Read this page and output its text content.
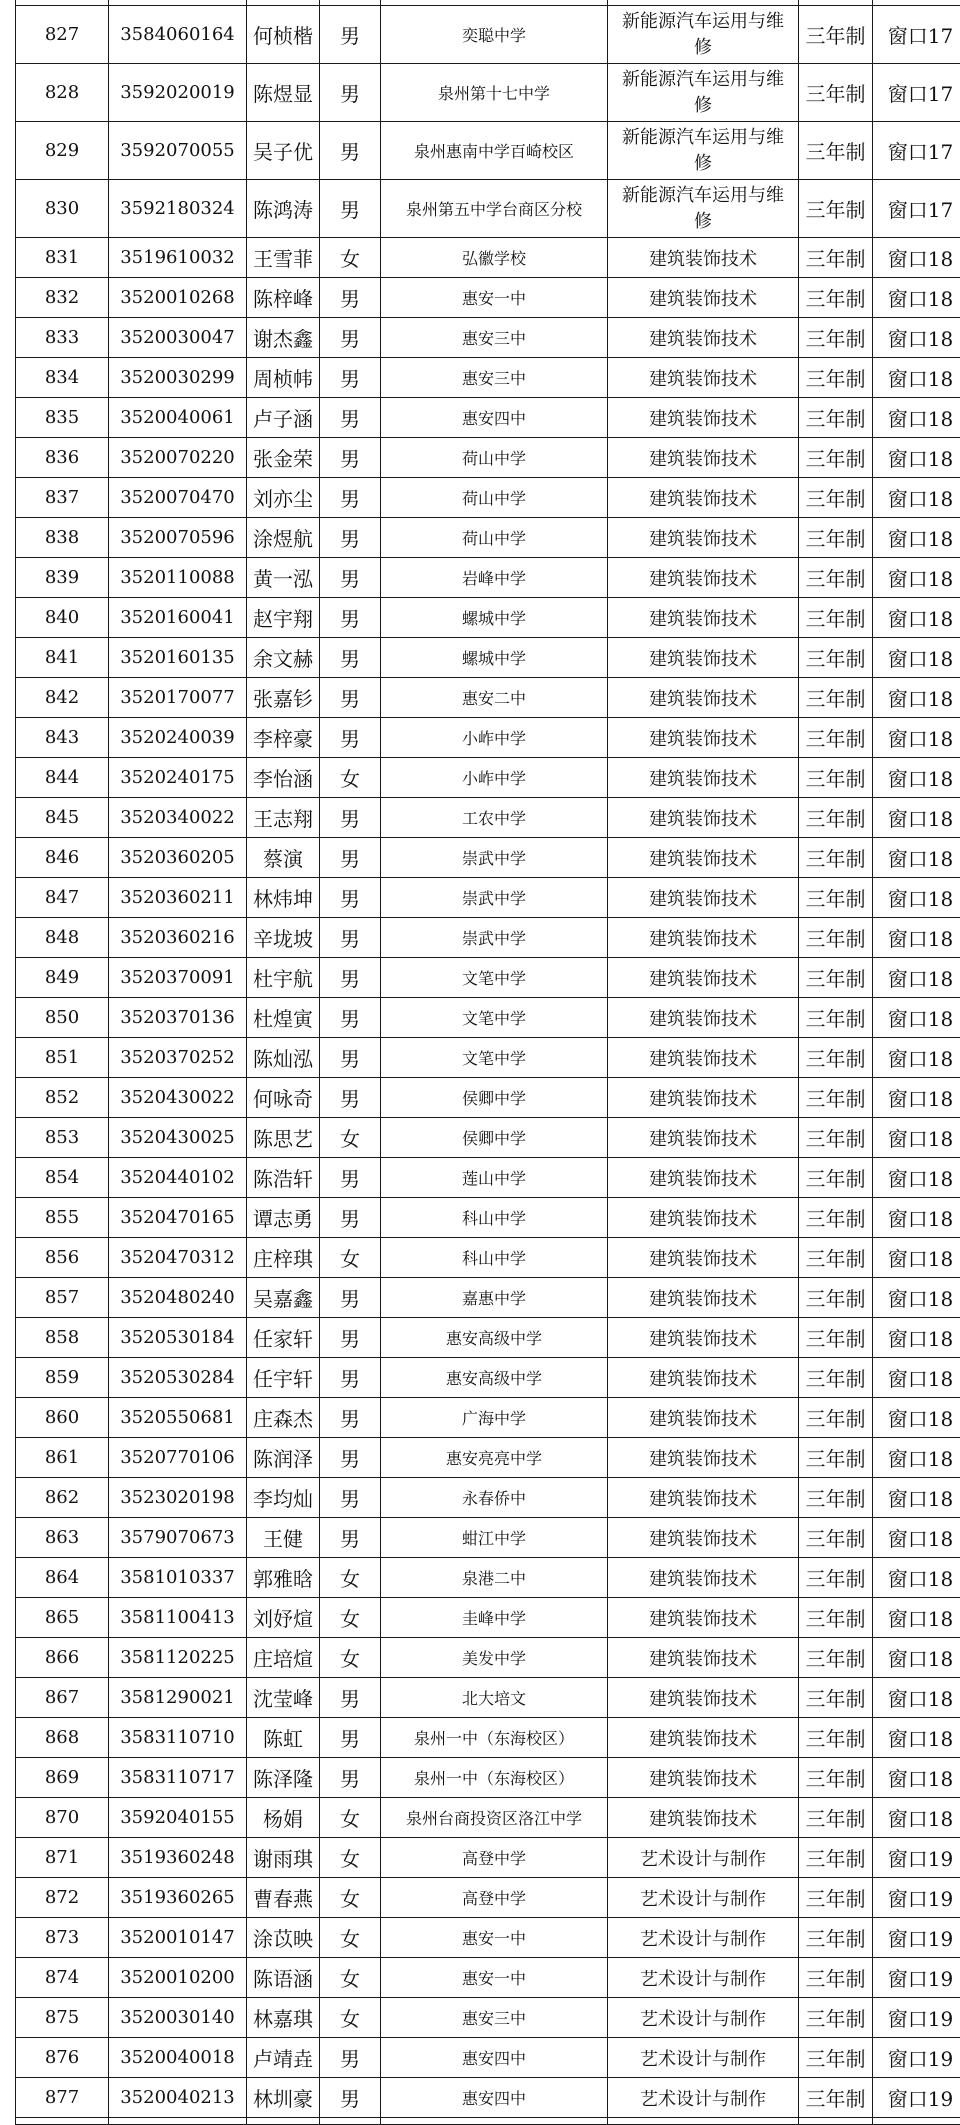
827	3584060164	何桢楷	男	奕聪中学	新能源汽车运用与维修	三年制	窗口17
828	3592020019	陈煜显	男	泉州第十七中学	新能源汽车运用与维修	三年制	窗口17
829	3592070055	吴子优	男	泉州惠南中学百崎校区	新能源汽车运用与维修	三年制	窗口17
830	3592180324	陈鸿涛	男	泉州第五中学台商区分校	新能源汽车运用与维修	三年制	窗口17
831	3519610032	王雪菲	女	弘徽学校	建筑装饰技术	三年制	窗口18
832	3520010268	陈梓峰	男	惠安一中	建筑装饰技术	三年制	窗口18
833	3520030047	谢杰鑫	男	惠安三中	建筑装饰技术	三年制	窗口18
834	3520030299	周桢帏	男	惠安三中	建筑装饰技术	三年制	窗口18
835	3520040061	卢子涵	男	惠安四中	建筑装饰技术	三年制	窗口18
836	3520070220	张金荣	男	荷山中学	建筑装饰技术	三年制	窗口18
837	3520070470	刘亦尘	男	荷山中学	建筑装饰技术	三年制	窗口18
838	3520070596	涂煜航	男	荷山中学	建筑装饰技术	三年制	窗口18
839	3520110088	黄一泓	男	岩峰中学	建筑装饰技术	三年制	窗口18
840	3520160041	赵宇翔	男	螺城中学	建筑装饰技术	三年制	窗口18
841	3520160135	余文赫	男	螺城中学	建筑装饰技术	三年制	窗口18
842	3520170077	张嘉钐	男	惠安二中	建筑装饰技术	三年制	窗口18
843	3520240039	李梓豪	男	小岞中学	建筑装饰技术	三年制	窗口18
844	3520240175	李怡涵	女	小岞中学	建筑装饰技术	三年制	窗口18
845	3520340022	王志翔	男	工农中学	建筑装饰技术	三年制	窗口18
846	3520360205	蔡演	男	崇武中学	建筑装饰技术	三年制	窗口18
847	3520360211	林炜坤	男	崇武中学	建筑装饰技术	三年制	窗口18
848	3520360216	辛垅坡	男	崇武中学	建筑装饰技术	三年制	窗口18
849	3520370091	杜宇航	男	文笔中学	建筑装饰技术	三年制	窗口18
850	3520370136	杜煌寅	男	文笔中学	建筑装饰技术	三年制	窗口18
851	3520370252	陈灿泓	男	文笔中学	建筑装饰技术	三年制	窗口18
852	3520430022	何咏奇	男	侯卿中学	建筑装饰技术	三年制	窗口18
853	3520430025	陈思艺	女	侯卿中学	建筑装饰技术	三年制	窗口18
854	3520440102	陈浩轩	男	莲山中学	建筑装饰技术	三年制	窗口18
855	3520470165	谭志勇	男	科山中学	建筑装饰技术	三年制	窗口18
856	3520470312	庄梓琪	女	科山中学	建筑装饰技术	三年制	窗口18
857	3520480240	吴嘉鑫	男	嘉惠中学	建筑装饰技术	三年制	窗口18
858	3520530184	任家轩	男	惠安高级中学	建筑装饰技术	三年制	窗口18
859	3520530284	任宇轩	男	惠安高级中学	建筑装饰技术	三年制	窗口18
860	3520550681	庄森杰	男	广海中学	建筑装饰技术	三年制	窗口18
861	3520770106	陈润泽	男	惠安亮亮中学	建筑装饰技术	三年制	窗口18
862	3523020198	李均灿	男	永春侨中	建筑装饰技术	三年制	窗口18
863	3579070673	王健	男	蚶江中学	建筑装饰技术	三年制	窗口18
864	3581010337	郭雅晗	女	泉港二中	建筑装饰技术	三年制	窗口18
865	3581100413	刘妤煊	女	圭峰中学	建筑装饰技术	三年制	窗口18
866	3581120225	庄培煊	女	美发中学	建筑装饰技术	三年制	窗口18
867	3581290021	沈莹峰	男	北大培文	建筑装饰技术	三年制	窗口18
868	3583110710	陈虹	男	泉州一中（东海校区）	建筑装饰技术	三年制	窗口18
869	3583110717	陈泽隆	男	泉州一中（东海校区）	建筑装饰技术	三年制	窗口18
870	3592040155	杨娟	女	泉州台商投资区洛江中学	建筑装饰技术	三年制	窗口18
871	3519360248	谢雨琪	女	高登中学	艺术设计与制作	三年制	窗口19
872	3519360265	曹春燕	女	高登中学	艺术设计与制作	三年制	窗口19
873	3520010147	涂苡映	女	惠安一中	艺术设计与制作	三年制	窗口19
874	3520010200	陈语涵	女	惠安一中	艺术设计与制作	三年制	窗口19
875	3520030140	林嘉琪	女	惠安三中	艺术设计与制作	三年制	窗口19
876	3520040018	卢靖垚	男	惠安四中	艺术设计与制作	三年制	窗口19
877	3520040213	林圳豪	男	惠安四中	艺术设计与制作	三年制	窗口19
